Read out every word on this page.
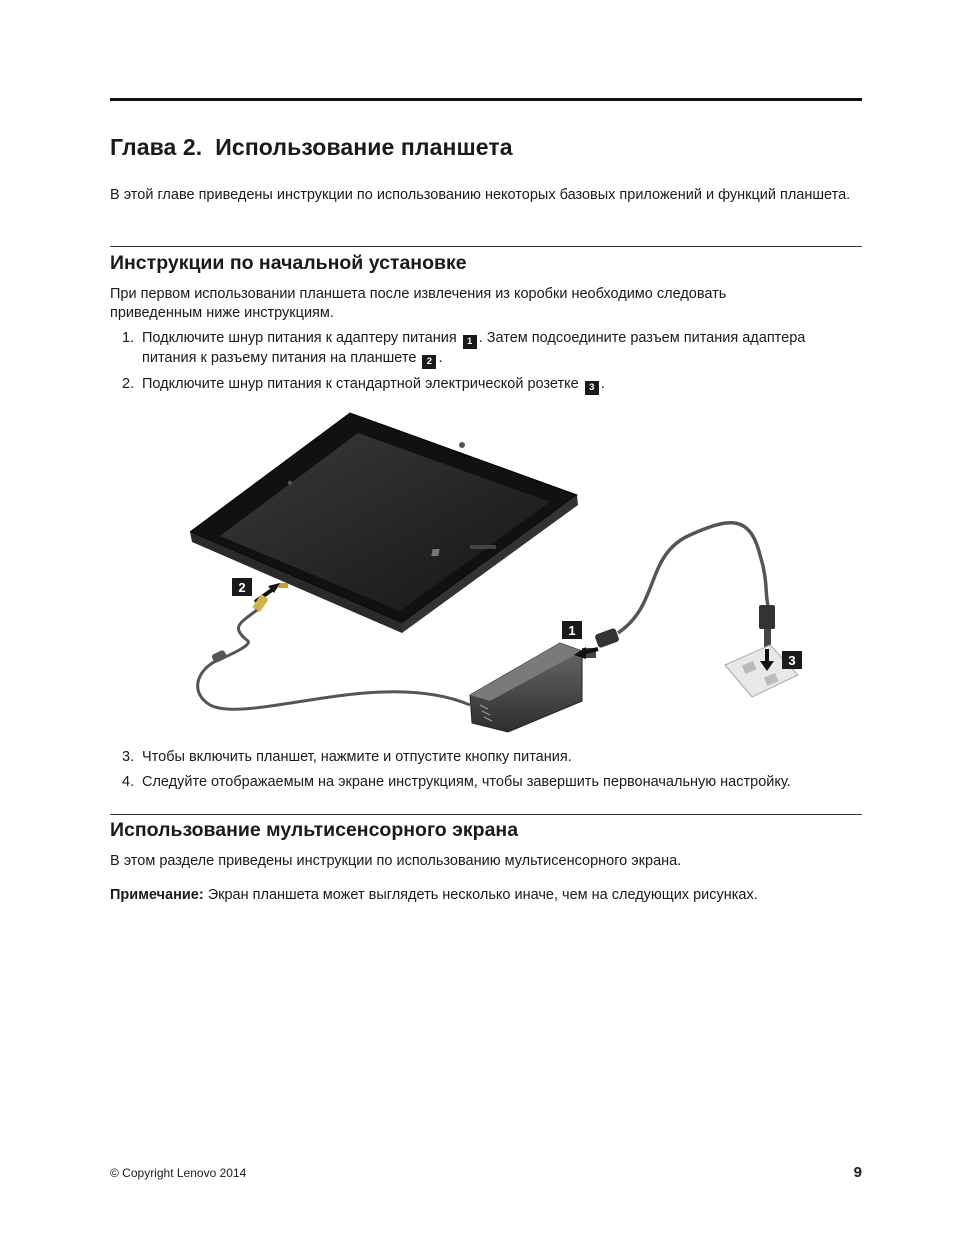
Глава 2. Использование планшета

В этой главе приведены инструкции по использованию некоторых базовых приложений и функций планшета.

Инструкции по начальной установке

При первом использовании планшета после извлечения из коробки необходимо следовать приведенным ниже инструкциям.

1. Подключите шнур питания к адаптеру питания 1 . Затем подсоедините разъем питания адаптера питания к разъему питания на планшете 2 .
2. Подключите шнур питания к стандартной электрической розетке 3 .
2
1
3
3. Чтобы включить планшет, нажмите и отпустите кнопку питания.
4. Следуйте отображаемым на экране инструкциям, чтобы завершить первоначальную настройку.
Использование мультисенсорного экрана

В этом разделе приведены инструкции по использованию мультисенсорного экрана.

Примечание: Экран планшета может выглядеть несколько иначе, чем на следующих рисунках.

© Copyright Lenovo 2014	9
